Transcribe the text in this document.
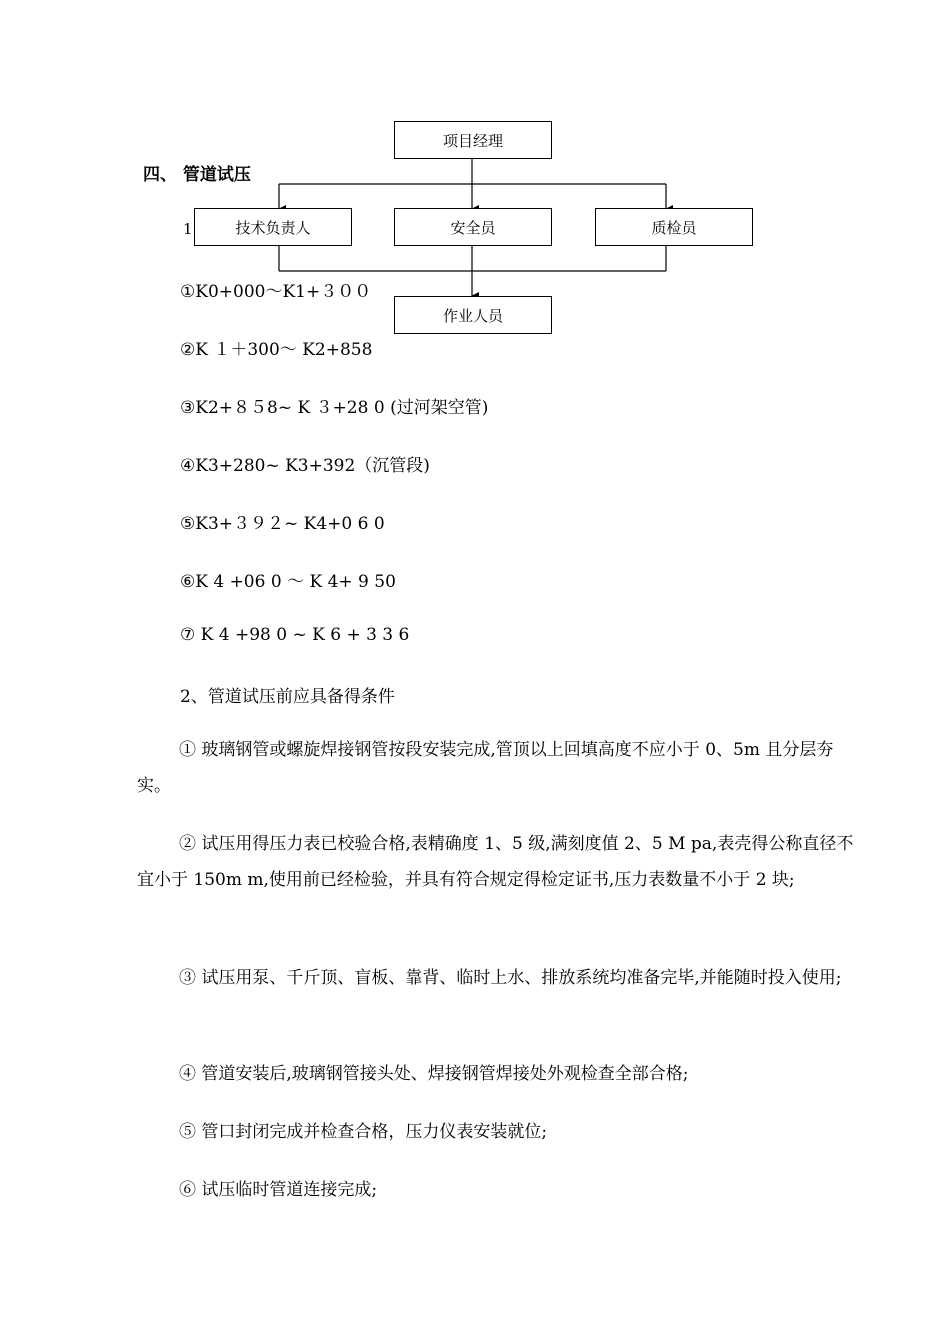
项目经理
技术负责人	安全员	质检员
作业人员
四、 管道试压
1
①K0+000～K1+３００
②K １＋300～ K2+858
③K2+８５8~ K ３+28 0 (过河架空管)
④K3+280~ K3+392（沉管段)
⑤K3+３９２~ K4+0 6 0
⑥K 4 +06 0 ～ K 4+ 9 50
⑦ K 4 +98 0 ~ K 6 + 3 3 6
2、管道试压前应具备得条件
① 玻璃钢管或螺旋焊接钢管按段安装完成,管顶以上回填高度不应小于 0、5m 且分层夯实。
② 试压用得压力表已校验合格,表精确度 1、5 级,满刻度值 2、5 M pa,表壳得公称直径不宜小于 150m m,使用前已经检验，并具有符合规定得检定证书,压力表数量不小于 2 块;
③ 试压用泵、千斤顶、盲板、靠背、临时上水、排放系统均准备完毕,并能随时投入使用;
④ 管道安装后,玻璃钢管接头处、焊接钢管焊接处外观检查全部合格;
⑤ 管口封闭完成并检查合格，压力仪表安装就位;
⑥ 试压临时管道连接完成;
